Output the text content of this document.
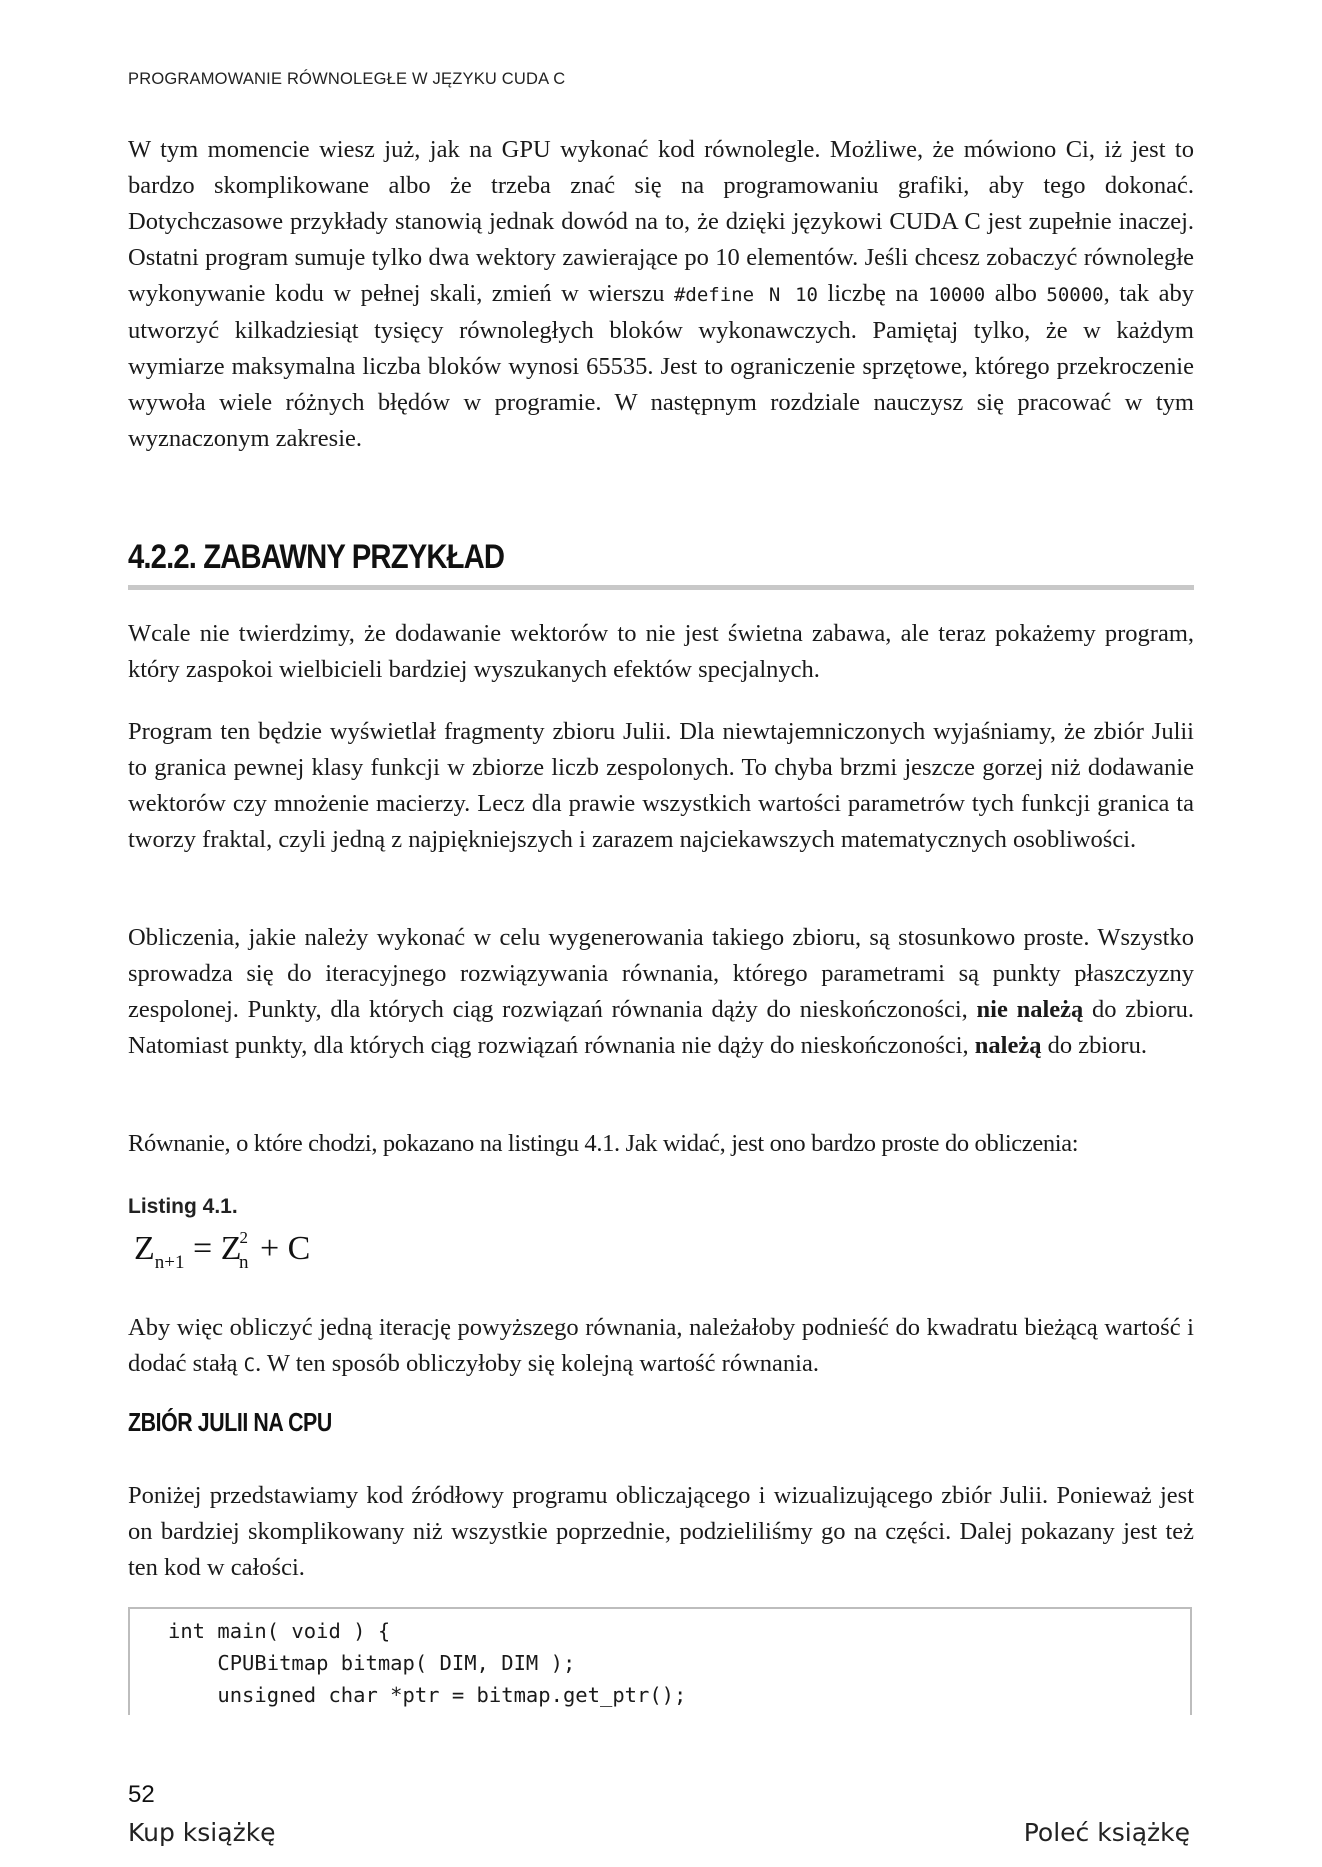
PROGRAMOWANIE RÓWNOLEGŁE W JĘZYKU CUDA C

W tym momencie wiesz już, jak na GPU wykonać kod równolegle. Możliwe, że mówiono Ci, iż jest to bardzo skomplikowane albo że trzeba znać się na programowaniu grafiki, aby tego dokonać. Dotychczasowe przykłady stanowią jednak dowód na to, że dzięki językowi CUDA C jest zupełnie inaczej. Ostatni program sumuje tylko dwa wektory zawierające po 10 elementów. Jeśli chcesz zobaczyć równoległe wykonywanie kodu w pełnej skali, zmień w wierszu #define N 10 liczbę na 10000 albo 50000, tak aby utworzyć kilkadziesiąt tysięcy równoległych bloków wykonawczych. Pamiętaj tylko, że w każdym wymiarze maksymalna liczba bloków wynosi 65535. Jest to ograniczenie sprzętowe, którego przekroczenie wywoła wiele różnych błędów w programie. W następnym rozdziale nauczysz się pracować w tym wyznaczonym zakresie.

4.2.2. ZABAWNY PRZYKŁAD

Wcale nie twierdzimy, że dodawanie wektorów to nie jest świetna zabawa, ale teraz pokażemy program, który zaspokoi wielbicieli bardziej wyszukanych efektów specjalnych.

Program ten będzie wyświetlał fragmenty zbioru Julii. Dla niewtajemniczonych wyjaśniamy, że zbiór Julii to granica pewnej klasy funkcji w zbiorze liczb zespolonych. To chyba brzmi jeszcze gorzej niż dodawanie wektorów czy mnożenie macierzy. Lecz dla prawie wszystkich wartości parametrów tych funkcji granica ta tworzy fraktal, czyli jedną z najpiękniejszych i zarazem najciekawszych matematycznych osobliwości.

Obliczenia, jakie należy wykonać w celu wygenerowania takiego zbioru, są stosunkowo proste. Wszystko sprowadza się do iteracyjnego rozwiązywania równania, którego parametrami są punkty płaszczyzny zespolonej. Punkty, dla których ciąg rozwiązań równania dąży do nieskończoności, nie należą do zbioru. Natomiast punkty, dla których ciąg rozwiązań równania nie dąży do nieskończoności, należą do zbioru.

Równanie, o które chodzi, pokazano na listingu 4.1. Jak widać, jest ono bardzo proste do obliczenia:

Listing 4.1.
$Z_{n+1} = Z^2_n + C$

Aby więc obliczyć jedną iterację powyższego równania, należałoby podnieść do kwadratu bieżącą wartość i dodać stałą C. W ten sposób obliczyłoby się kolejną wartość równania.

ZBIÓR JULII NA CPU

Poniżej przedstawiamy kod źródłowy programu obliczającego i wizualizującego zbiór Julii. Ponieważ jest on bardziej skomplikowany niż wszystkie poprzednie, podzieliliśmy go na części. Dalej pokazany jest też ten kod w całości.

int main( void ) {
CPUBitmap bitmap( DIM, DIM );
unsigned char *ptr = bitmap.get_ptr();
52
Kup książkę	Poleć książkę
